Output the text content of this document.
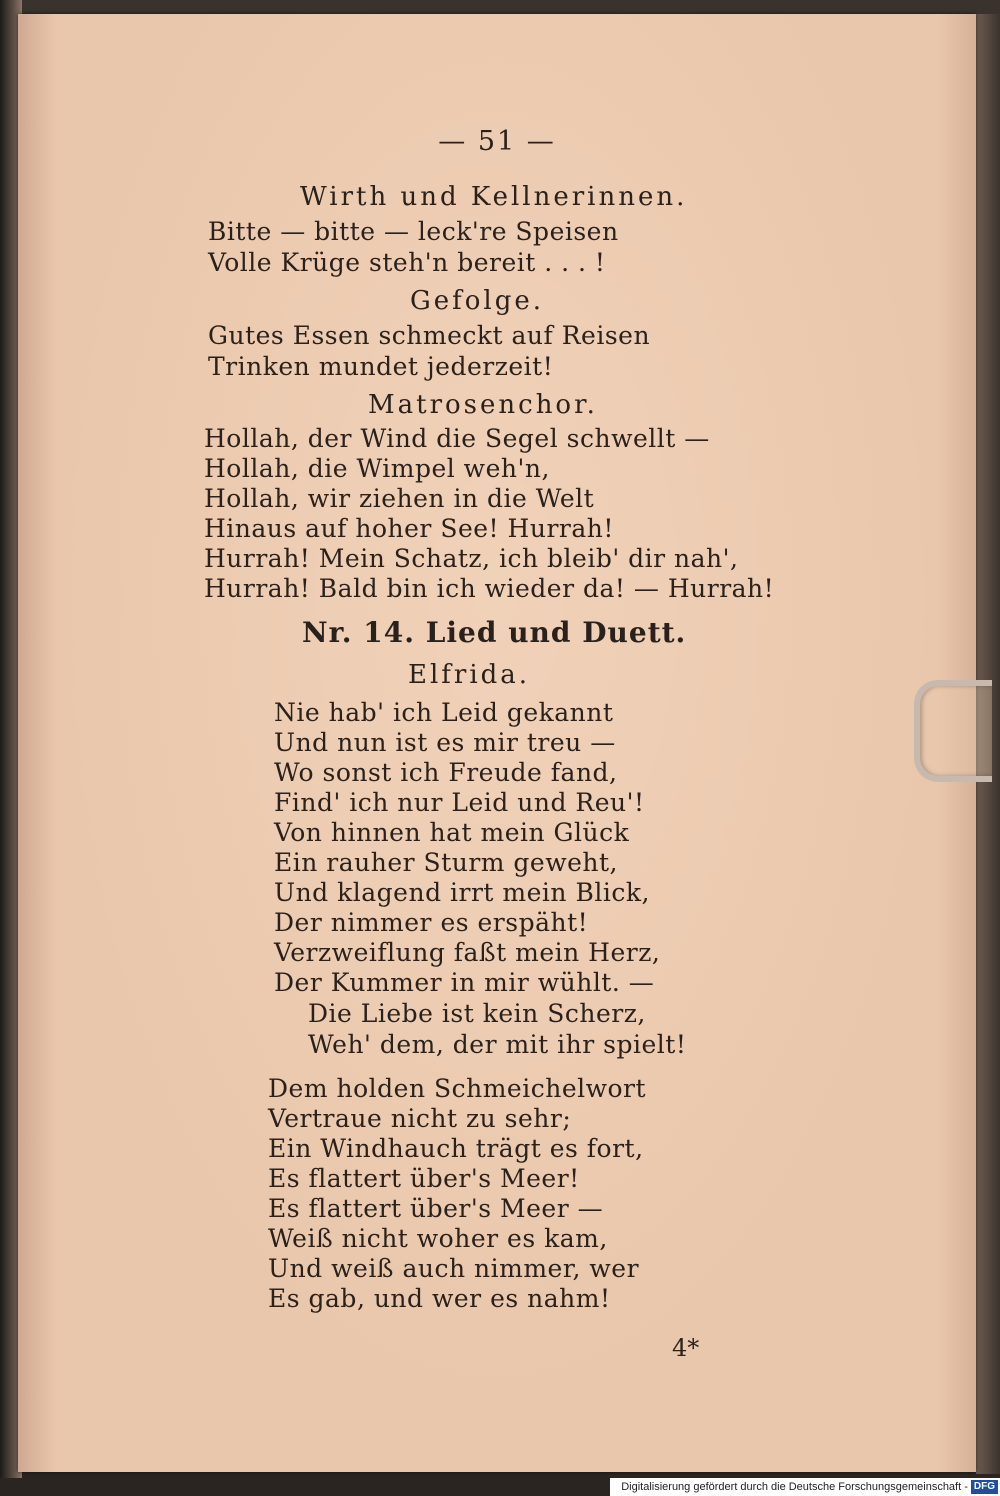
— 51 —
Wirth und Kellnerinnen.
Bitte — bitte — leck're Speisen
Volle Krüge steh'n bereit . . . !
Gefolge.
Gutes Essen schmeckt auf Reisen
Trinken mundet jederzeit!
Matrosenchor.
Hollah, der Wind die Segel schwellt —
Hollah, die Wimpel weh'n,
Hollah, wir ziehen in die Welt
Hinaus auf hoher See! Hurrah!
Hurrah! Mein Schatz, ich bleib' dir nah',
Hurrah! Bald bin ich wieder da! — Hurrah!
Nr. 14. Lied und Duett.
Elfrida.
Nie hab' ich Leid gekannt
Und nun ist es mir treu —
Wo sonst ich Freude fand,
Find' ich nur Leid und Reu'!
Von hinnen hat mein Glück
Ein rauher Sturm geweht,
Und klagend irrt mein Blick,
Der nimmer es erspäht!
Verzweiflung faßt mein Herz,
Der Kummer in mir wühlt. —
Die Liebe ist kein Scherz,
Weh' dem, der mit ihr spielt!
Dem holden Schmeichelwort
Vertraue nicht zu sehr;
Ein Windhauch trägt es fort,
Es flattert über's Meer!
Es flattert über's Meer —
Weiß nicht woher es kam,
Und weiß auch nimmer, wer
Es gab, und wer es nahm!
4*
Digitalisierung gefördert durch die Deutsche Forschungsgemeinschaft - DFG
